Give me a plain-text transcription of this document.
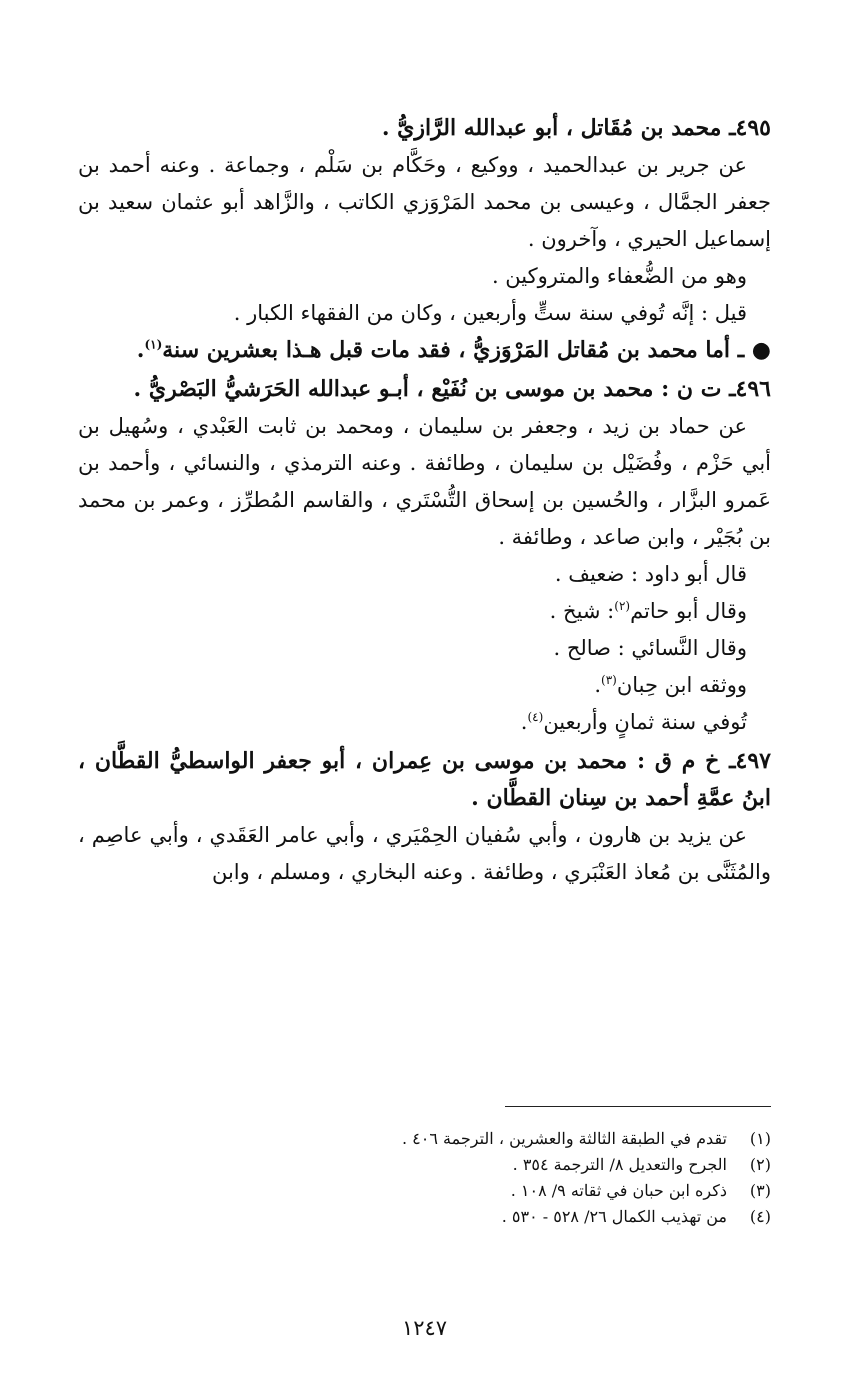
٤٩٥ـ محمد بن مُقَاتل ، أبو عبدالله الرَّازيُّ .

عن جرير بن عبدالحميد ، ووكيع ، وحَكَّام بن سَلْم ، وجماعة . وعنه أحمد بن جعفر الجمَّال ، وعيسى بن محمد المَرْوَزي الكاتب ، والزَّاهد أبو عثمان سعيد بن إسماعيل الحيري ، وآخرون .

وهو من الضُّعفاء والمتروكين .

قيل : إنَّه تُوفي سنة ستٍّ وأربعين ، وكان من الفقهاء الكبار .

● ـ أما محمد بن مُقاتل المَرْوَزيُّ ، فقد مات قبل هـذا بعشرين سنة$^{(١)}$.
٤٩٦ـ ت ن : محمد بن موسى بن نُفَيْع ، أبـو عبدالله الحَرَشيُّ البَصْريُّ .

عن حماد بن زيد ، وجعفر بن سليمان ، ومحمد بن ثابت العَبْدي ، وسُهيل بن أبي حَزْم ، وفُضَيْل بن سليمان ، وطائفة . وعنه الترمذي ، والنسائي ، وأحمد بن عَمرو البزَّار ، والحُسين بن إسحاق التُّسْتَري ، والقاسم المُطرِّز ، وعمر بن محمد بن بُجَيْر ، وابن صاعد ، وطائفة .

قال أبو داود : ضعيف .

وقال أبو حاتم$^{(٢)}$: شيخ .

وقال النَّسائي : صالح .

ووثقه ابن حِبان$^{(٣)}$.

تُوفي سنة ثمانٍ وأربعين$^{(٤)}$.

٤٩٧ـ خ م ق : محمد بن موسى بن عِمران ، أبو جعفر الواسطيُّ القطَّان ، ابنُ عمَّةِ أحمد بن سِنان القطَّان .

عن يزيد بن هارون ، وأبي سُفيان الحِمْيَري ، وأبي عامر العَقَدي ، وأبي عاصِم ، والمُثَنَّى بن مُعاذ العَنْبَري ، وطائفة . وعنه البخاري ، ومسلم ، وابن

(١)
تقدم في الطبقة الثالثة والعشرين ، الترجمة ٤٠٦ .
(٢)
الجرح والتعديل ٨/ الترجمة ٣٥٤ .
(٣)
ذكره ابن حبان في ثقاته ٩/ ١٠٨ .
(٤)
من تهذيب الكمال ٢٦/ ٥٢٨ - ٥٣٠ .
١٢٤٧
